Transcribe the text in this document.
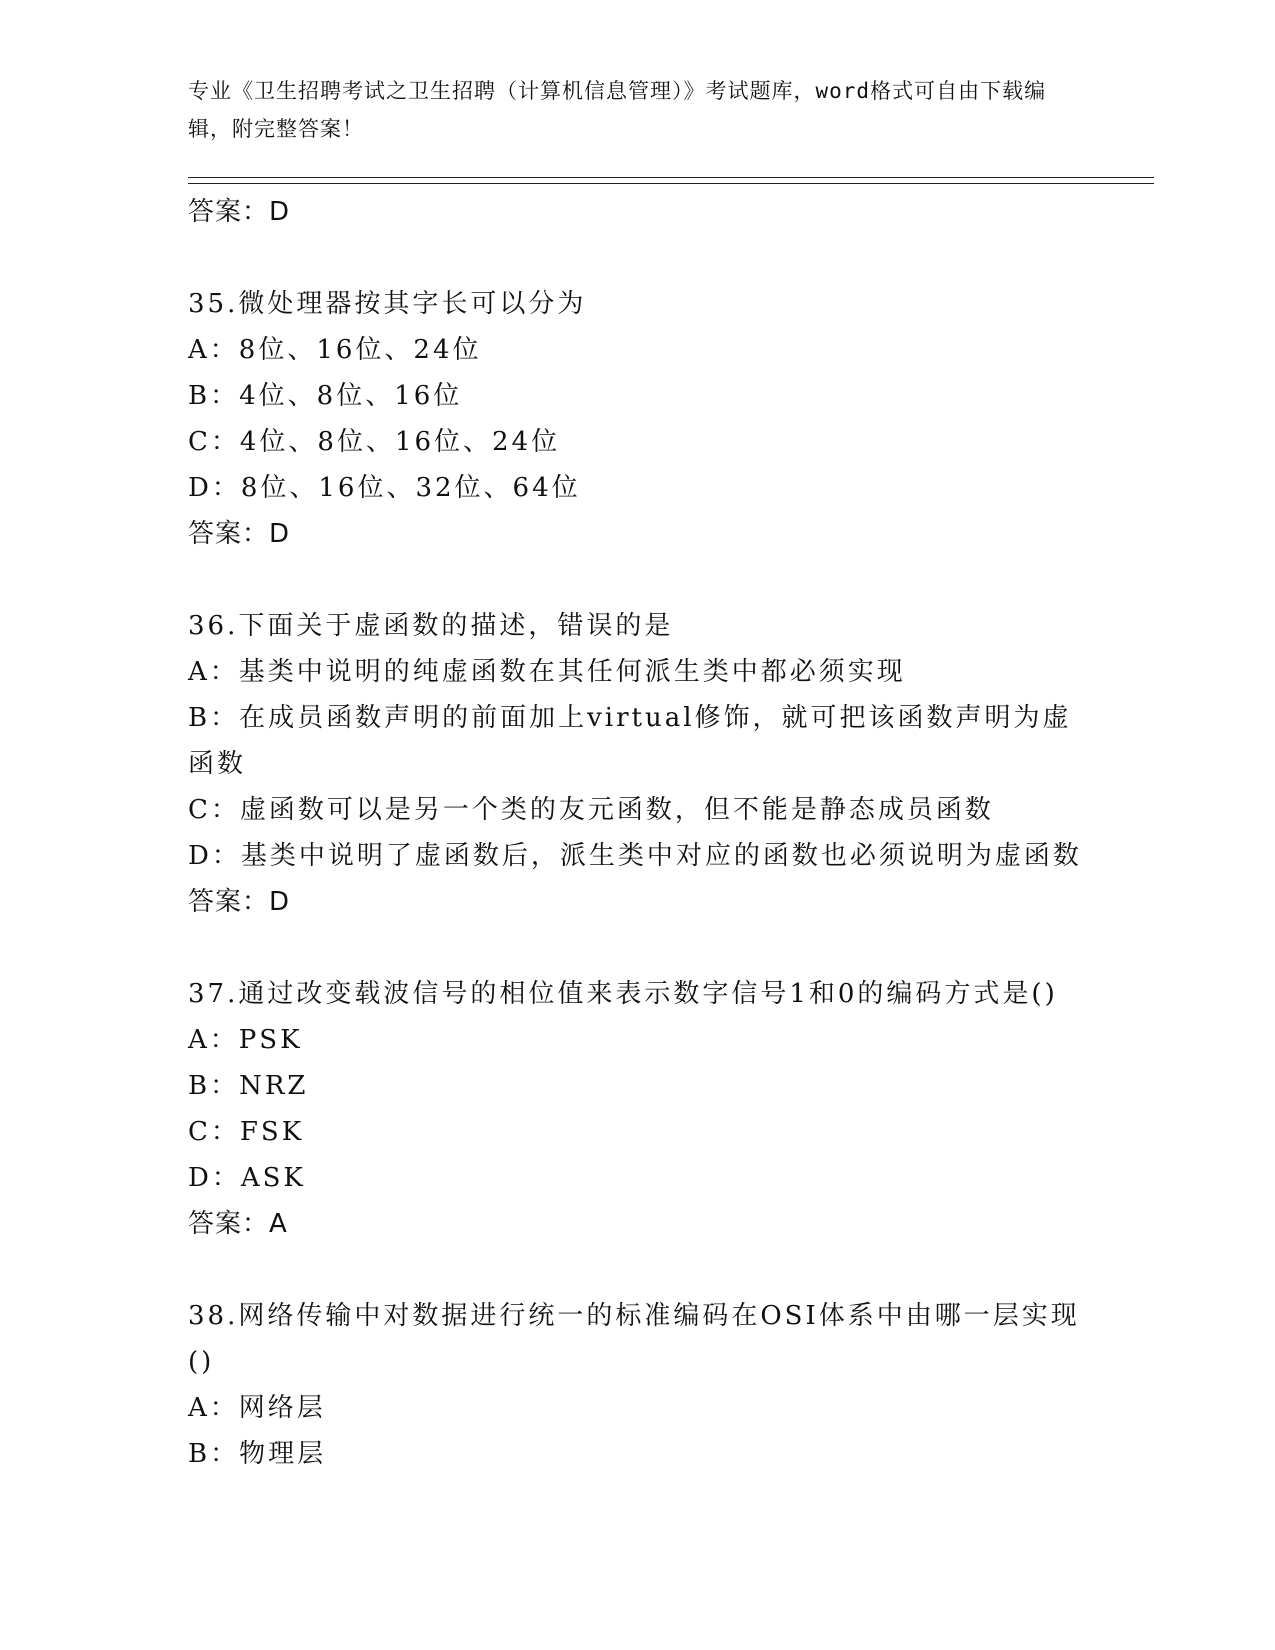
专业《卫生招聘考试之卫生招聘（计算机信息管理）》考试题库，word格式可自由下载编辑，附完整答案！
答案：D
35.微处理器按其字长可以分为
A：8位、16位、24位
B：4位、8位、16位
C：4位、8位、16位、24位
D：8位、16位、32位、64位
答案：D
36.下面关于虚函数的描述，错误的是
A：基类中说明的纯虚函数在其任何派生类中都必须实现
B：在成员函数声明的前面加上virtual修饰，就可把该函数声明为虚函数
C：虚函数可以是另一个类的友元函数，但不能是静态成员函数
D：基类中说明了虚函数后，派生类中对应的函数也必须说明为虚函数
答案：D
37.通过改变载波信号的相位值来表示数字信号1和0的编码方式是()
A：PSK
B：NRZ
C：FSK
D：ASK
答案：A
38.网络传输中对数据进行统一的标准编码在OSI体系中由哪一层实现()
A：网络层
B：物理层
